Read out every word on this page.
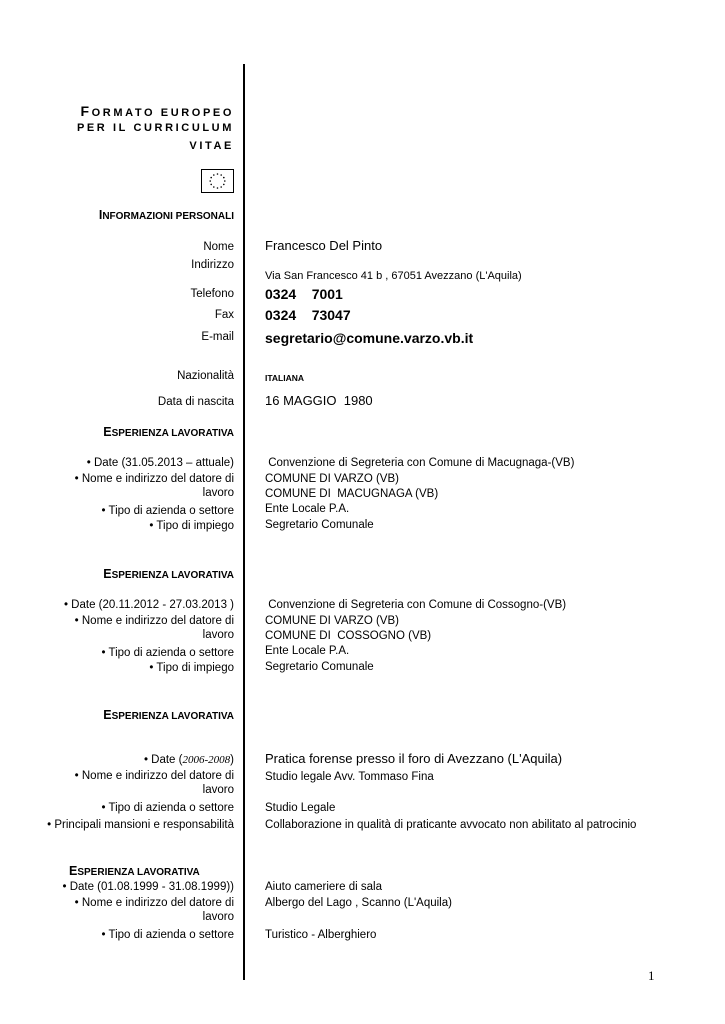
FORMATO EUROPEO
PER IL CURRICULUM
VITAE
INFORMAZIONI PERSONALI
Nome Francesco Del Pinto
Indirizzo
Via San Francesco 41 b , 67051 Avezzano (L'Aquila)
Telefono 0324    7001
Fax 0324    73047
E-mail segretario@comune.varzo.vb.it
Nazionalità	ITALIANA
Data di nascita 16 MAGGIO  1980
ESPERIENZA LAVORATIVA
• Date (31.05.2013 – attuale)	Convenzione di Segreteria con Comune di Macugnaga-(VB)
• Nome e indirizzo del datore di
lavoro
COMUNE DI VARZO (VB)
COMUNE DI  MACUGNAGA (VB)
• Tipo di azienda o settore	Ente Locale P.A.
• Tipo di impiego	Segretario Comunale
ESPERIENZA LAVORATIVA
• Date (20.11.2012 - 27.03.2013 )	Convenzione di Segreteria con Comune di Cossogno-(VB)
• Nome e indirizzo del datore di
lavoro
COMUNE DI VARZO (VB)
COMUNE DI  COSSOGNO (VB)
• Tipo di azienda o settore	Ente Locale P.A.
• Tipo di impiego	Segretario Comunale
ESPERIENZA LAVORATIVA
• Date (2006-2008) Pratica forense presso il foro di Avezzano (L'Aquila)
• Nome e indirizzo del datore di
lavoro
Studio legale Avv. Tommaso Fina
• Tipo di azienda o settore	Studio Legale
• Principali mansioni e responsabilità	Collaborazione in qualità di praticante avvocato non abilitato al patrocinio
ESPERIENZA LAVORATIVA
• Date (01.08.1999 - 31.08.1999))	Aiuto cameriere di sala
• Nome e indirizzo del datore di
lavoro
Albergo del Lago , Scanno (L'Aquila)
• Tipo di azienda o settore	Turistico - Alberghiero
1
